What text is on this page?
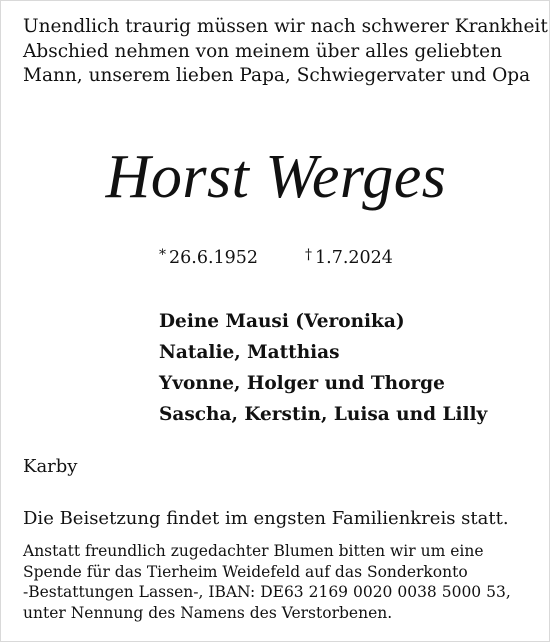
Unendlich traurig müssen wir nach schwerer Krankheit
Abschied nehmen von meinem über alles geliebten
Mann, unserem lieben Papa, Schwiegervater und Opa
Horst Werges
* 26.6.1952	† 1.7.2024
Deine Mausi (Veronika)
Natalie, Matthias
Yvonne, Holger und Thorge
Sascha, Kerstin, Luisa und Lilly
Karby
Die Beisetzung findet im engsten Familienkreis statt.
Anstatt freundlich zugedachter Blumen bitten wir um eine
Spende für das Tierheim Weidefeld auf das Sonderkonto
-Bestattungen Lassen-, IBAN: DE63 2169 0020 0038 5000 53,
unter Nennung des Namens des Verstorbenen.
